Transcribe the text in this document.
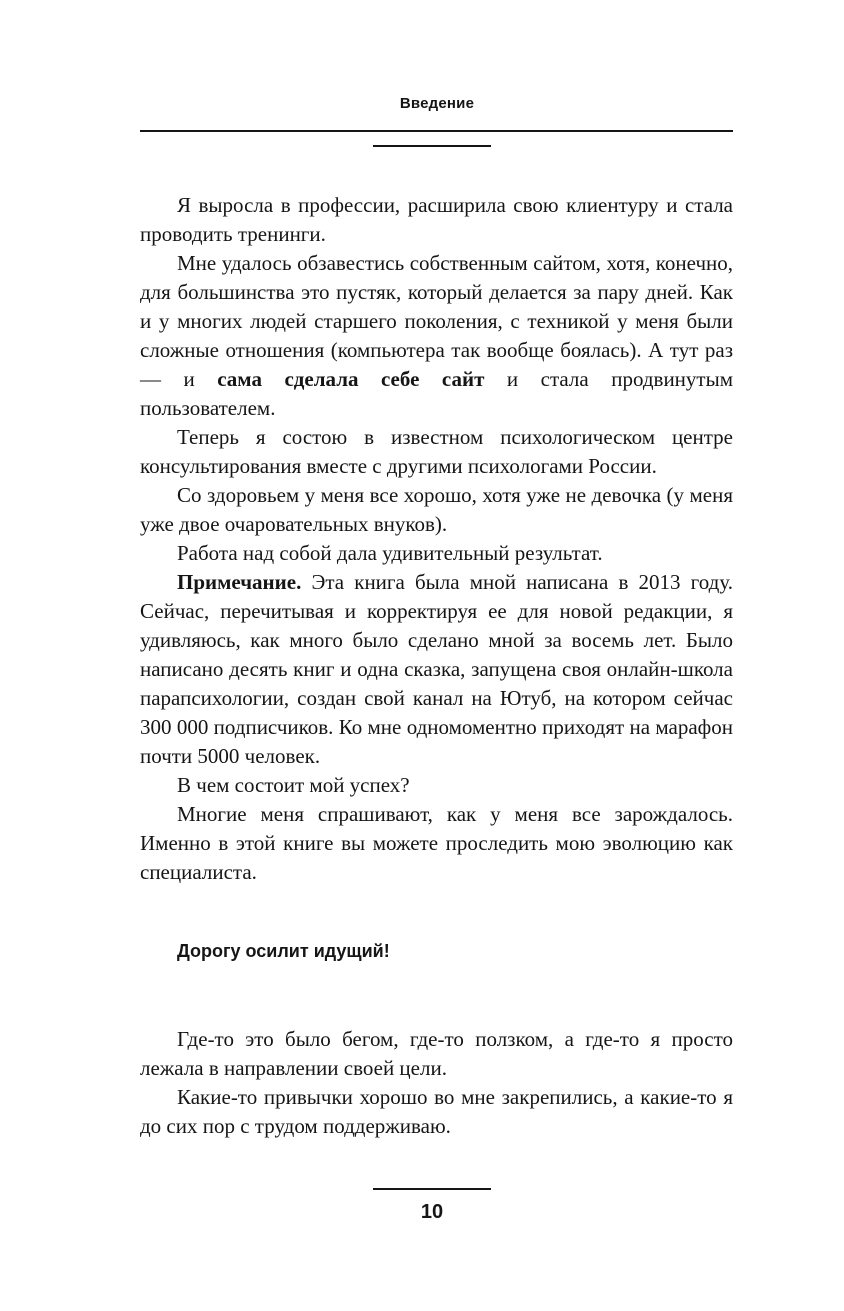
Введение

Я выросла в профессии, расширила свою клиентуру и стала проводить тренинги.

Мне удалось обзавестись собственным сайтом, хотя, конечно, для большинства это пустяк, который делается за пару дней. Как и у многих людей старшего поколения, с техникой у меня были сложные отношения (компьютера так вообще боялась). А тут раз — и сама сделала себе сайт и стала продвинутым пользователем.

Теперь я состою в известном психологическом центре консультирования вместе с другими психологами России.

Со здоровьем у меня все хорошо, хотя уже не девочка (у меня уже двое очаровательных внуков).

Работа над собой дала удивительный результат.

Примечание. Эта книга была мной написана в 2013 году. Сейчас, перечитывая и корректируя ее для новой редакции, я удивляюсь, как много было сделано мной за восемь лет. Было написано десять книг и одна сказка, запущена своя онлайн-школа парапсихологии, создан свой канал на Ютуб, на котором сейчас 300 000 подписчиков. Ко мне одномоментно приходят на марафон почти 5000 человек.

В чем состоит мой успех?

Многие меня спрашивают, как у меня все зарождалось. Именно в этой книге вы можете проследить мою эволюцию как специалиста.

Дорогу осилит идущий!

Где-то это было бегом, где-то ползком, а где-то я просто лежала в направлении своей цели.

Какие-то привычки хорошо во мне закрепились, а какие-то я до сих пор с трудом поддерживаю.

10
